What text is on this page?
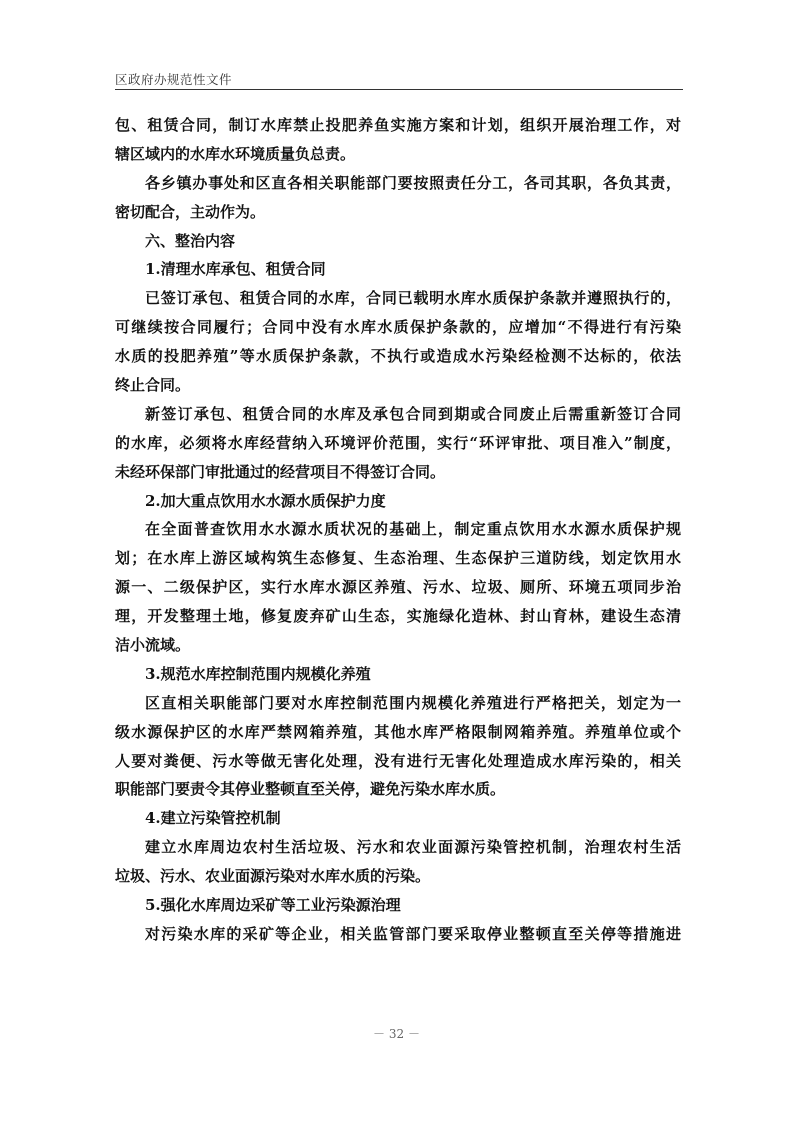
区政府办规范性文件
包、租赁合同，制订水库禁止投肥养鱼实施方案和计划，组织开展治理工作，对
辖区域内的水库水环境质量负总责。
各乡镇办事处和区直各相关职能部门要按照责任分工，各司其职，各负其责，
密切配合，主动作为。
六、整治内容
1.清理水库承包、租赁合同
已签订承包、租赁合同的水库，合同已载明水库水质保护条款并遵照执行的，
可继续按合同履行；合同中没有水库水质保护条款的，应增加“不得进行有污染
水质的投肥养殖”等水质保护条款，不执行或造成水污染经检测不达标的，依法
终止合同。
新签订承包、租赁合同的水库及承包合同到期或合同废止后需重新签订合同
的水库，必须将水库经营纳入环境评价范围，实行“环评审批、项目准入”制度，
未经环保部门审批通过的经营项目不得签订合同。
2.加大重点饮用水水源水质保护力度
在全面普查饮用水水源水质状况的基础上，制定重点饮用水水源水质保护规
划；在水库上游区域构筑生态修复、生态治理、生态保护三道防线，划定饮用水
源一、二级保护区，实行水库水源区养殖、污水、垃圾、厕所、环境五项同步治
理，开发整理土地，修复废弃矿山生态，实施绿化造林、封山育林，建设生态清
洁小流域。
3.规范水库控制范围内规模化养殖
区直相关职能部门要对水库控制范围内规模化养殖进行严格把关，划定为一
级水源保护区的水库严禁网箱养殖，其他水库严格限制网箱养殖。养殖单位或个
人要对粪便、污水等做无害化处理，没有进行无害化处理造成水库污染的，相关
职能部门要责令其停业整顿直至关停，避免污染水库水质。
4.建立污染管控机制
建立水库周边农村生活垃圾、污水和农业面源污染管控机制，治理农村生活
垃圾、污水、农业面源污染对水库水质的污染。
5.强化水库周边采矿等工业污染源治理
对污染水库的采矿等企业，相关监管部门要采取停业整顿直至关停等措施进
－ 32 －
